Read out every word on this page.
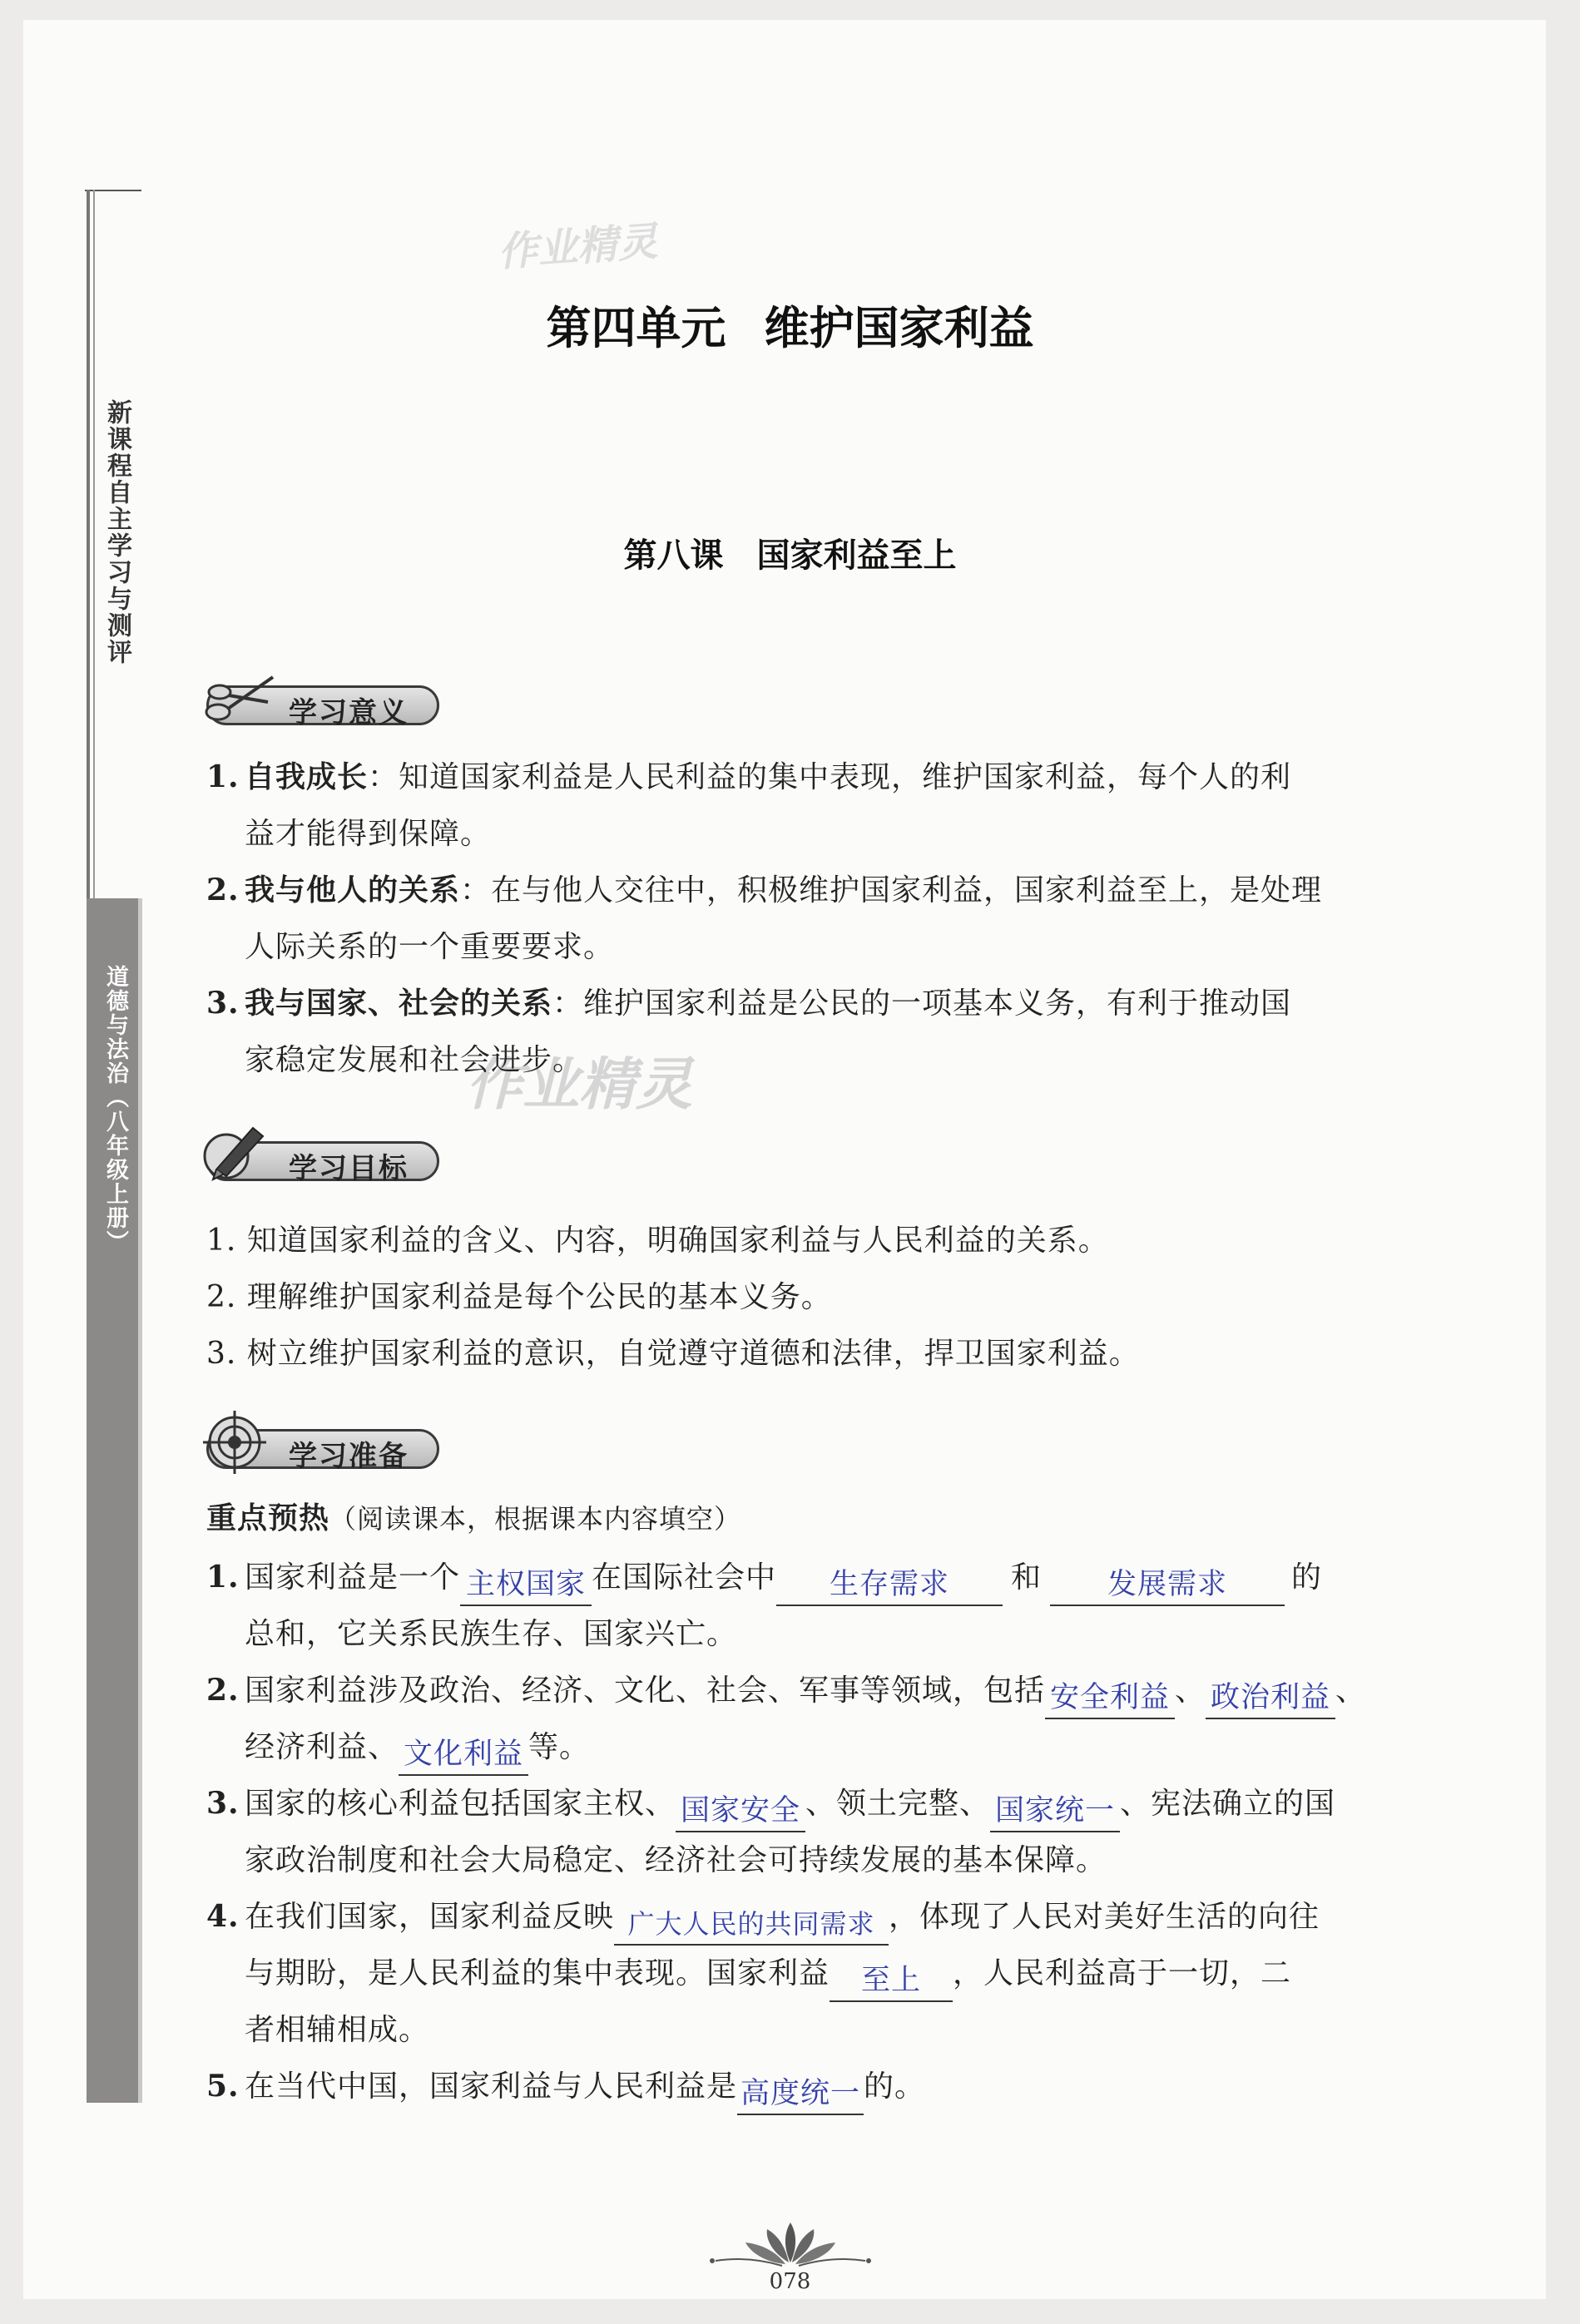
新课程自主学习与测评
道德与法治（八年级上册）
作业精灵
作业精灵
第四单元 维护国家利益
第八课 国家利益至上
学习意义
1. 自我成长：知道国家利益是人民利益的集中表现，维护国家利益，每个人的利
益才能得到保障。
2. 我与他人的关系：在与他人交往中，积极维护国家利益，国家利益至上，是处理
人际关系的一个重要要求。
3. 我与国家、社会的关系：维护国家利益是公民的一项基本义务，有利于推动国
家稳定发展和社会进步。
学习目标
1. 知道国家利益的含义、内容，明确国家利益与人民利益的关系。
2. 理解维护国家利益是每个公民的基本义务。
3. 树立维护国家利益的意识，自觉遵守道德和法律，捍卫国家利益。
学习准备
重点预热（阅读课本，根据课本内容填空）
1. 国家利益是一个 主权国家 在国际社会中 生存需求 和 发展需求 的
总和，它关系民族生存、国家兴亡。
2. 国家利益涉及政治、经济、文化、社会、军事等领域，包括 安全利益 、 政治利益 、
经济利益、 文化利益 等。
3. 国家的核心利益包括国家主权、 国家安全 、领土完整、 国家统一 、宪法确立的国
家政治制度和社会大局稳定、经济社会可持续发展的基本保障。
4. 在我们国家，国家利益反映 广大人民的共同需求 ，体现了人民对美好生活的向往
与期盼，是人民利益的集中表现。国家利益 至上 ，人民利益高于一切，二
者相辅相成。
5. 在当代中国，国家利益与人民利益是 高度统一 的。
078
